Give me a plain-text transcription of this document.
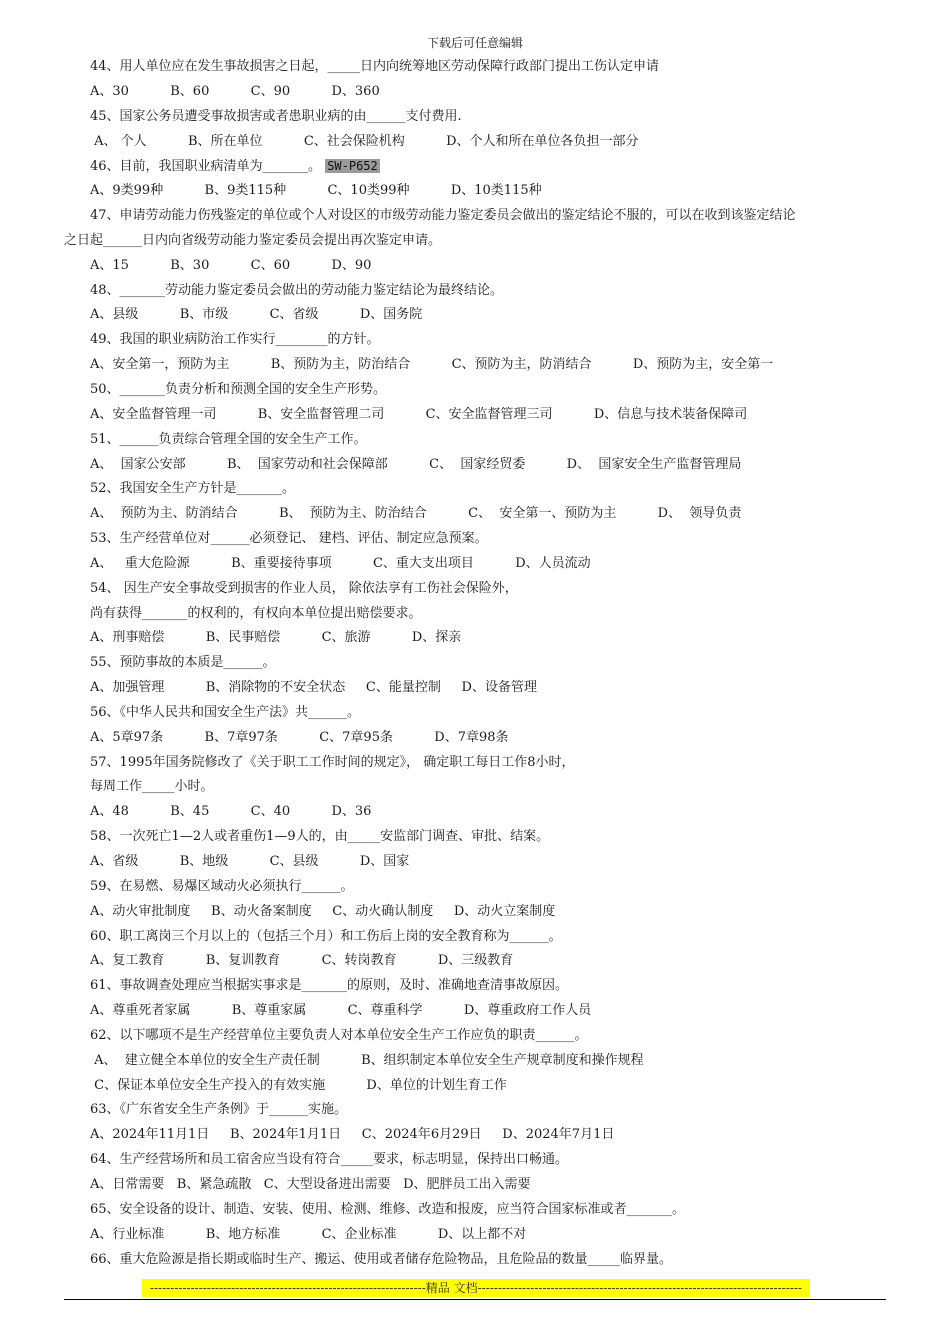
下载后可任意编辑
44、用人单位应在发生事故损害之日起，_____日内向统筹地区劳动保障行政部门提出工伤认定申请
A、30          B、60          C、90          D、360
45、国家公务员遭受事故损害或者患职业病的由______支付费用.
A、 个人          B、所在单位          C、社会保险机构          D、个人和所在单位各负担一部分
46、目前，我国职业病清单为_______。 SW-P652
A、9类99种          B、9类115种          C、10类99种          D、10类115种
47、申请劳动能力伤残鉴定的单位或个人对设区的市级劳动能力鉴定委员会做出的鉴定结论不服的，可以在收到该鉴定结论
之日起______日内向省级劳动能力鉴定委员会提出再次鉴定申请。
A、15          B、30          C、60          D、90
48、_______劳动能力鉴定委员会做出的劳动能力鉴定结论为最终结论。
A、县级          B、市级          C、省级          D、国务院
49、我国的职业病防治工作实行________的方针。
A、安全第一，预防为主          B、预防为主，防治结合          C、预防为主，防消结合          D、预防为主，安全第一
50、_______负责分析和预测全国的安全生产形势。
A、安全监督管理一司          B、安全监督管理二司          C、安全监督管理三司          D、信息与技术装备保障司
51、______负责综合管理全国的安全生产工作。
A、  国家公安部          B、  国家劳动和社会保障部          C、  国家经贸委          D、  国家安全生产监督管理局
52、我国安全生产方针是_______。
A、  预防为主、防消结合          B、  预防为主、防治结合          C、  安全第一、预防为主          D、  领导负责
53、生产经营单位对______必须登记、 建档、评估、制定应急预案。
A、   重大危险源          B、重要接待事项          C、重大支出项目          D、人员流动
54、 因生产安全事故受到损害的作业人员， 除依法享有工伤社会保险外，
尚有获得_______的权利的，有权向本单位提出赔偿要求。
A、刑事赔偿          B、民事赔偿          C、旅游          D、探亲
55、预防事故的本质是______。
A、加强管理          B、消除物的不安全状态     C、能量控制     D、设备管理
56、《中华人民共和国安全生产法》共______。
A、5章97条          B、7章97条          C、7章95条          D、7章98条
57、1995年国务院修改了《关于职工工作时间的规定》， 确定职工每日工作8小时，
每周工作_____小时。
A、48          B、45          C、40          D、36
58、一次死亡1—2人或者重伤1—9人的，由_____安监部门调查、审批、结案。
A、省级          B、地级          C、县级          D、国家
59、在易燃、易爆区域动火必须执行______。
A、动火审批制度     B、动火备案制度     C、动火确认制度     D、动火立案制度
60、职工离岗三个月以上的（包括三个月）和工伤后上岗的安全教育称为______。
A、复工教育          B、复训教育          C、转岗教育          D、三级教育
61、事故调查处理应当根据实事求是_______的原则，及时、准确地查清事故原因。
A、尊重死者家属          B、尊重家属          C、尊重科学          D、尊重政府工作人员
62、以下哪项不是生产经营单位主要负责人对本单位安全生产工作应负的职责______。
A、  建立健全本单位的安全生产责任制          B、组织制定本单位安全生产规章制度和操作规程
C、保证本单位安全生产投入的有效实施          D、单位的计划生育工作
63、《广东省安全生产条例》于______实施。
A、2024年11月1日     B、2024年1月1日     C、2024年6月29日     D、2024年7月1日
64、生产经营场所和员工宿舍应当设有符合_____要求，标志明显，保持出口畅通。
A、日常需要   B、紧急疏散   C、大型设备进出需要   D、肥胖员工出入需要
65、安全设备的设计、制造、安装、使用、检测、维修、改造和报废，应当符合国家标准或者_______。
A、行业标准          B、地方标准          C、企业标准          D、以上都不对
66、重大危险源是指长期或临时生产、搬运、使用或者储存危险物品，且危险品的数量_____临界量。
--------------------------------------------------------------------精品 文档--------------------------------------------------------------------------------
